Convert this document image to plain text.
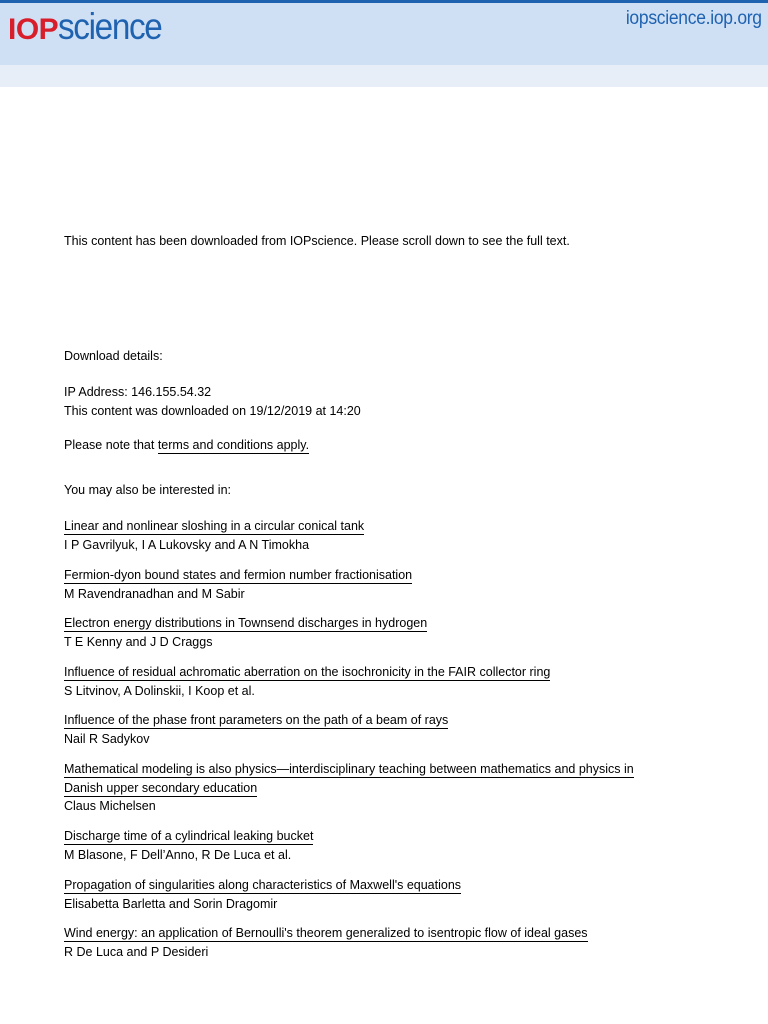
IOP science	iopscience.iop.org
This content has been downloaded from IOPscience. Please scroll down to see the full text.
Download details:
IP Address: 146.155.54.32
This content was downloaded on 19/12/2019 at 14:20
Please note that terms and conditions apply.
You may also be interested in:
Linear and nonlinear sloshing in a circular conical tank
I P Gavrilyuk, I A Lukovsky and A N Timokha
Fermion-dyon bound states and fermion number fractionisation
M Ravendranadhan and M Sabir
Electron energy distributions in Townsend discharges in hydrogen
T E Kenny and J D Craggs
Influence of residual achromatic aberration on the isochronicity in the FAIR collector ring
S Litvinov, A Dolinskii, I Koop et al.
Influence of the phase front parameters on the path of a beam of rays
Nail R Sadykov
Mathematical modeling is also physics—interdisciplinary teaching between mathematics and physics in
Danish upper secondary education
Claus Michelsen
Discharge time of a cylindrical leaking bucket
M Blasone, F Dell’Anno, R De Luca et al.
Propagation of singularities along characteristics of Maxwell's equations
Elisabetta Barletta and Sorin Dragomir
Wind energy: an application of Bernoulli's theorem generalized to isentropic flow of ideal gases
R De Luca and P Desideri
